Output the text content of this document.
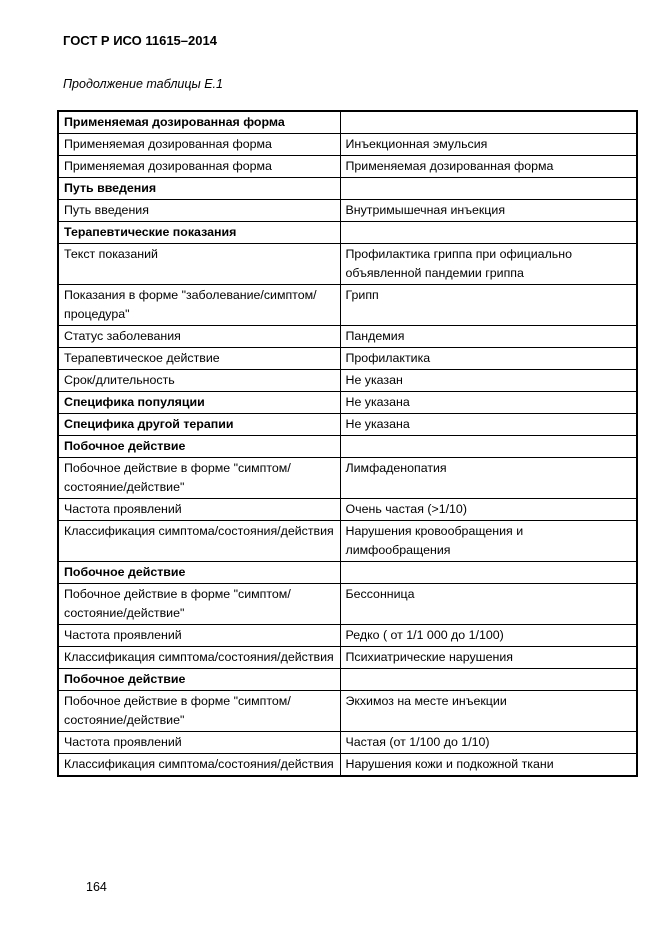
ГОСТ Р ИСО 11615–2014
Продолжение таблицы Е.1
Применяемая дозированная форма	
Применяемая дозированная форма	Инъекционная эмульсия
Применяемая дозированная форма	Применяемая дозированная форма
Путь введения	
Путь введения	Внутримышечная инъекция
Терапевтические показания	
Текст показаний	Профилактика гриппа при официально объявленной пандемии гриппа
Показания в форме "заболевание/симптом/процедура"	Грипп
Статус заболевания	Пандемия
Терапевтическое действие	Профилактика
Срок/длительность	Не указан
Специфика популяции	Не указана
Специфика другой терапии	Не указана
Побочное действие	
Побочное действие в форме "симптом/состояние/действие"	Лимфаденопатия
Частота проявлений	Очень частая (>1/10)
Классификация симптома/состояния/действия	Нарушения кровообращения и лимфообращения
Побочное действие	
Побочное действие в форме "симптом/состояние/действие"	Бессонница
Частота проявлений	Редко ( от 1/1 000 до 1/100)
Классификация симптома/состояния/действия	Психиатрические нарушения
Побочное действие	
Побочное действие в форме "симптом/состояние/действие"	Экхимоз на месте инъекции
Частота проявлений	Частая (от 1/100 до 1/10)
Классификация симптома/состояния/действия	Нарушения кожи и подкожной ткани
164
